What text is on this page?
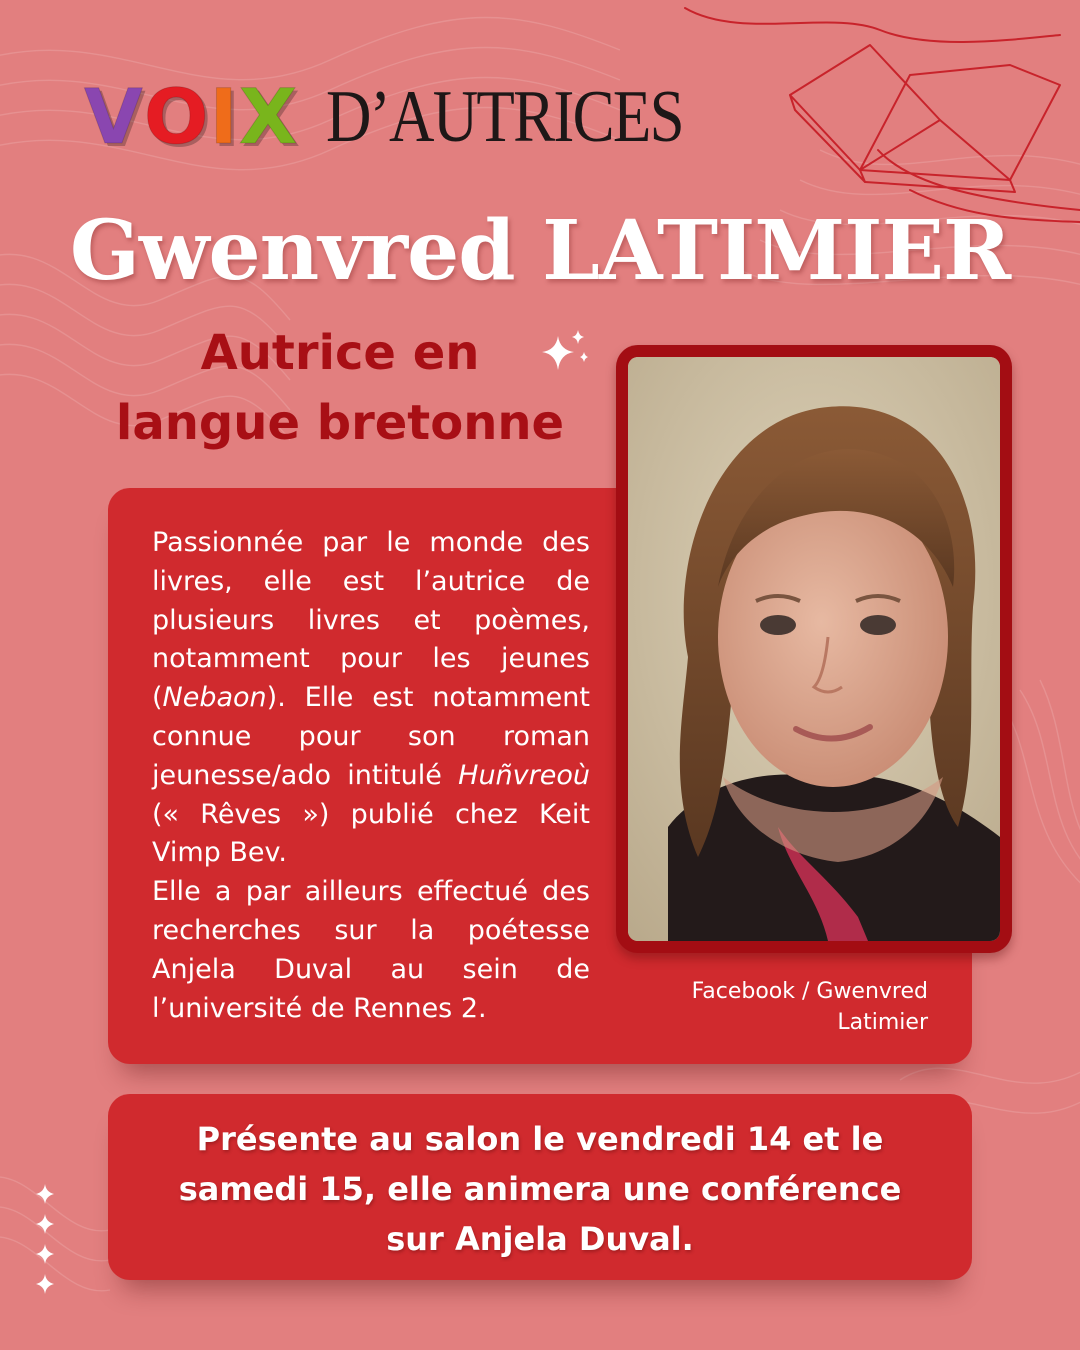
V O I X D’AUTRICES
Gwenvred LATIMIER
Autrice en
langue bretonne

Passionnée par le monde des livres, elle est l’autrice de plusieurs livres et poèmes, notamment pour les jeunes (Nebaon). Elle est notamment connue pour son roman jeunesse/ado intitulé Huñvreoù (« Rêves ») publié chez Keit Vimp Bev.
Elle a par ailleurs effectué des recherches sur la poétesse Anjela Duval au sein de l’université de Rennes 2.

Facebook / Gwenvred
Latimier

Présente au salon le vendredi 14 et le
samedi 15, elle animera une conférence
sur Anjela Duval.
